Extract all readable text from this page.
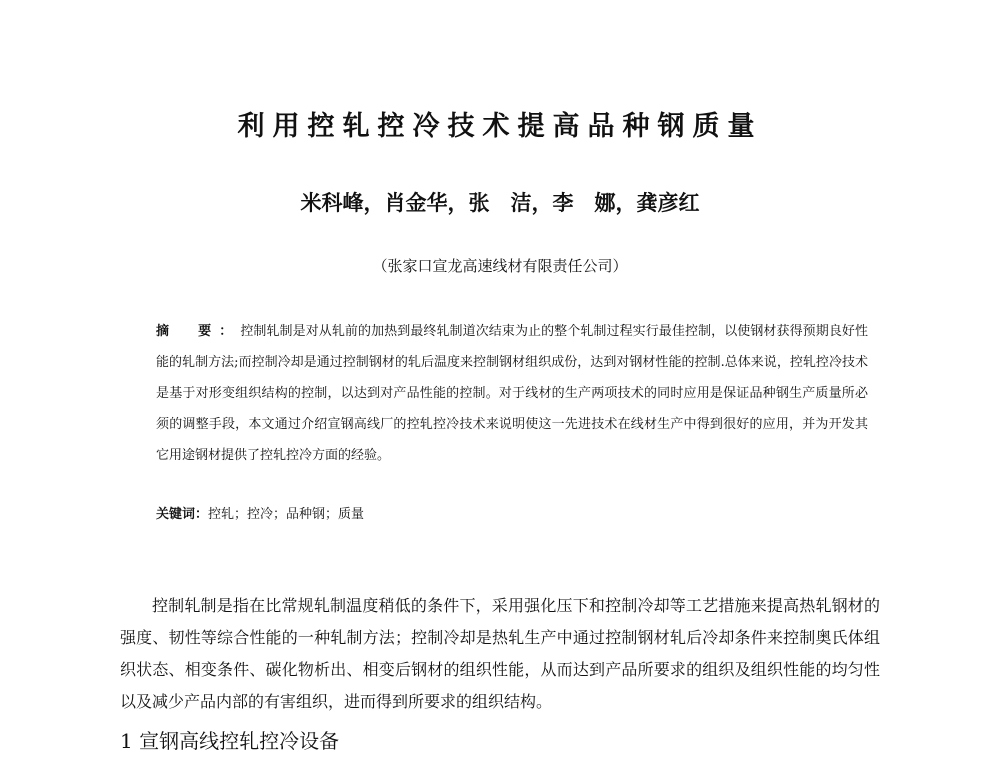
利用控轧控冷技术提高品种钢质量
米科峰，肖金华，张　洁，李　娜，龚彦红
（张家口宣龙高速线材有限责任公司）
摘　要：控制轧制是对从轧前的加热到最终轧制道次结束为止的整个轧制过程实行最佳控制，以使钢材获得预期良好性能的轧制方法;而控制冷却是通过控制钢材的轧后温度来控制钢材组织成份，达到对钢材性能的控制.总体来说，控轧控冷技术是基于对形变组织结构的控制，以达到对产品性能的控制。对于线材的生产两项技术的同时应用是保证品种钢生产质量所必须的调整手段，本文通过介绍宣钢高线厂的控轧控冷技术来说明使这一先进技术在线材生产中得到很好的应用，并为开发其它用途钢材提供了控轧控冷方面的经验。
关键词：控轧；控冷；品种钢；质量
控制轧制是指在比常规轧制温度稍低的条件下，采用强化压下和控制冷却等工艺措施来提高热轧钢材的强度、韧性等综合性能的一种轧制方法；控制冷却是热轧生产中通过控制钢材轧后冷却条件来控制奥氏体组织状态、相变条件、碳化物析出、相变后钢材的组织性能，从而达到产品所要求的组织及组织性能的均匀性以及减少产品内部的有害组织，进而得到所要求的组织结构。
1 宣钢高线控轧控冷设备
